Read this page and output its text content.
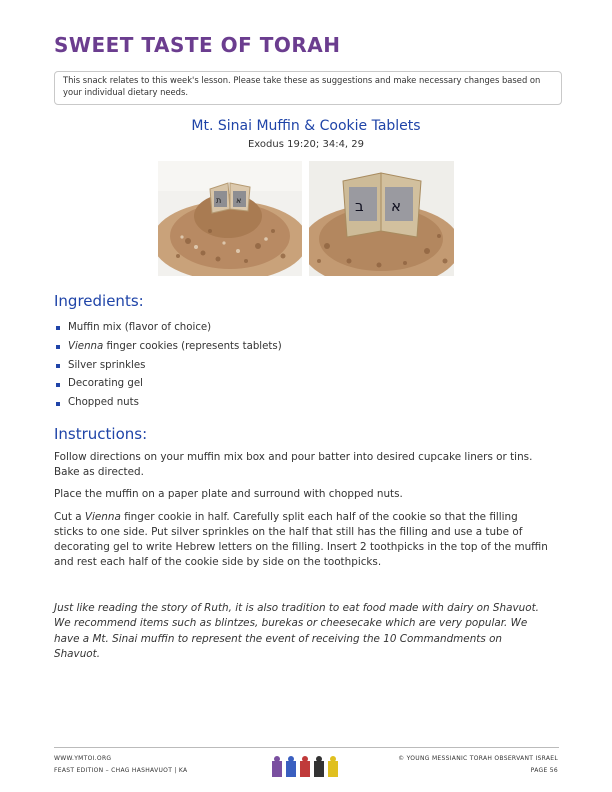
SWEET TASTE OF TORAH
This snack relates to this week's lesson. Please take these as suggestions and make necessary changes based on your individual dietary needs.
Mt. Sinai Muffin & Cookie Tablets
Exodus 19:20; 34:4, 29
ת א	ב א
Ingredients:
Muffin mix (flavor of choice)
Vienna finger cookies (represents tablets)
Silver sprinkles
Decorating gel
Chopped nuts
Instructions:
Follow directions on your muffin mix box and pour batter into desired cupcake liners or tins. Bake as directed.
Place the muffin on a paper plate and surround with chopped nuts.
Cut a Vienna finger cookie in half. Carefully split each half of the cookie so that the filling sticks to one side. Put silver sprinkles on the half that still has the filling and use a tube of decorating gel to write Hebrew letters on the filling. Insert 2 toothpicks in the top of the muffin and rest each half of the cookie side by side on the toothpicks.
Just like reading the story of Ruth, it is also tradition to eat food made with dairy on Shavuot. We recommend items such as blintzes, burekas or cheesecake which are very popular. We have a Mt. Sinai muffin to represent the event of receiving the 10 Commandments on Shavuot.
WWW.YMTOI.ORG
FEAST EDITION – CHAG HASHAVUOT | KA
© YOUNG MESSIANIC TORAH OBSERVANT ISRAEL
PAGE 56
